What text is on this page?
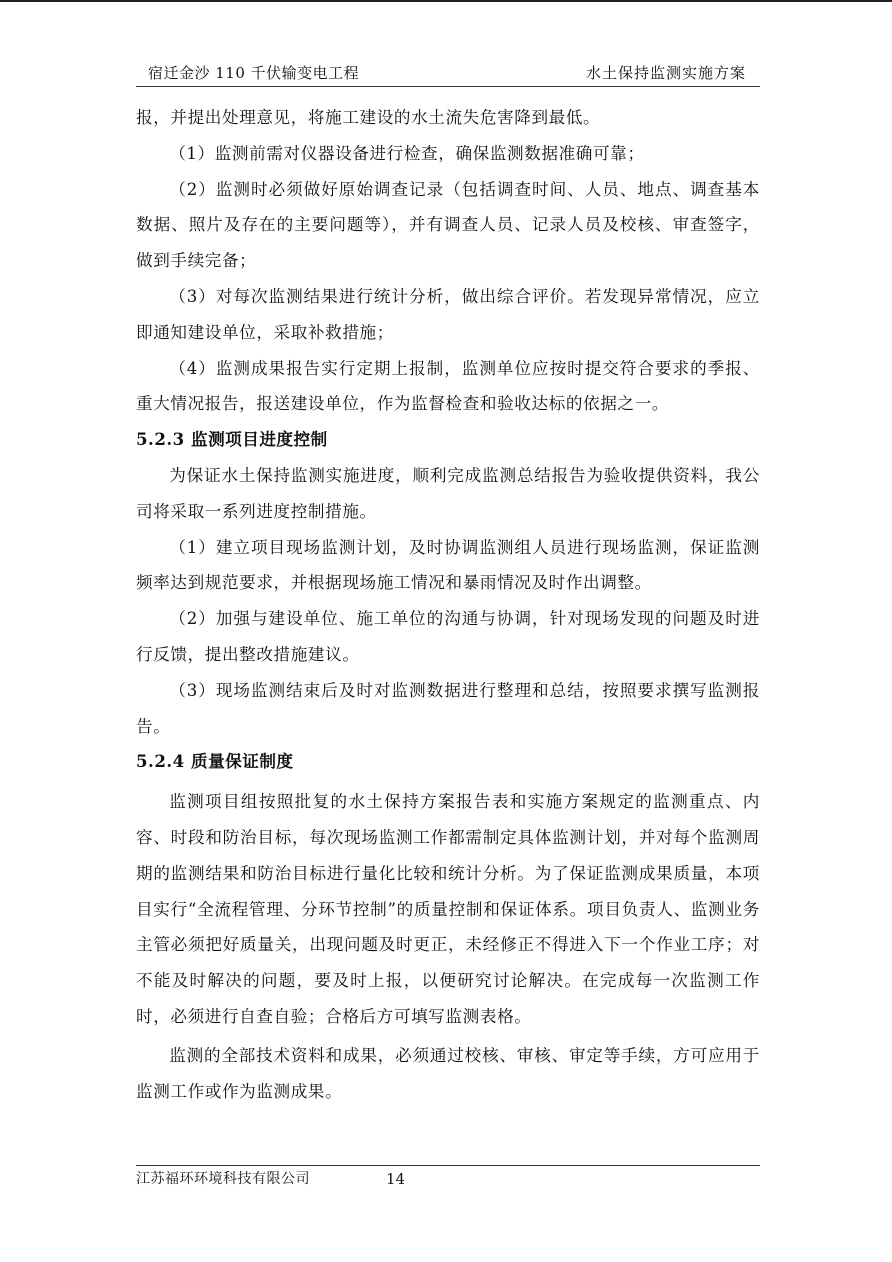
宿迁金沙 110 千伏输变电工程	水土保持监测实施方案

报，并提出处理意见，将施工建设的水土流失危害降到最低。

（1）监测前需对仪器设备进行检查，确保监测数据准确可靠；

（2）监测时必须做好原始调查记录（包括调查时间、人员、地点、调查基本数据、照片及存在的主要问题等），并有调查人员、记录人员及校核、审查签字，做到手续完备；

（3）对每次监测结果进行统计分析，做出综合评价。若发现异常情况，应立即通知建设单位，采取补救措施；

（4）监测成果报告实行定期上报制，监测单位应按时提交符合要求的季报、重大情况报告，报送建设单位，作为监督检查和验收达标的依据之一。

5.2.3 监测项目进度控制

为保证水土保持监测实施进度，顺利完成监测总结报告为验收提供资料，我公司将采取一系列进度控制措施。

（1）建立项目现场监测计划，及时协调监测组人员进行现场监测，保证监测频率达到规范要求，并根据现场施工情况和暴雨情况及时作出调整。

（2）加强与建设单位、施工单位的沟通与协调，针对现场发现的问题及时进行反馈，提出整改措施建议。

（3）现场监测结束后及时对监测数据进行整理和总结，按照要求撰写监测报告。

5.2.4 质量保证制度

监测项目组按照批复的水土保持方案报告表和实施方案规定的监测重点、内容、时段和防治目标，每次现场监测工作都需制定具体监测计划，并对每个监测周期的监测结果和防治目标进行量化比较和统计分析。为了保证监测成果质量，本项目实行“全流程管理、分环节控制”的质量控制和保证体系。项目负责人、监测业务主管必须把好质量关，出现问题及时更正，未经修正不得进入下一个作业工序；对不能及时解决的问题，要及时上报，以便研究讨论解决。在完成每一次监测工作时，必须进行自查自验；合格后方可填写监测表格。

监测的全部技术资料和成果，必须通过校核、审核、审定等手续，方可应用于监测工作或作为监测成果。

江苏福环环境科技有限公司	14
